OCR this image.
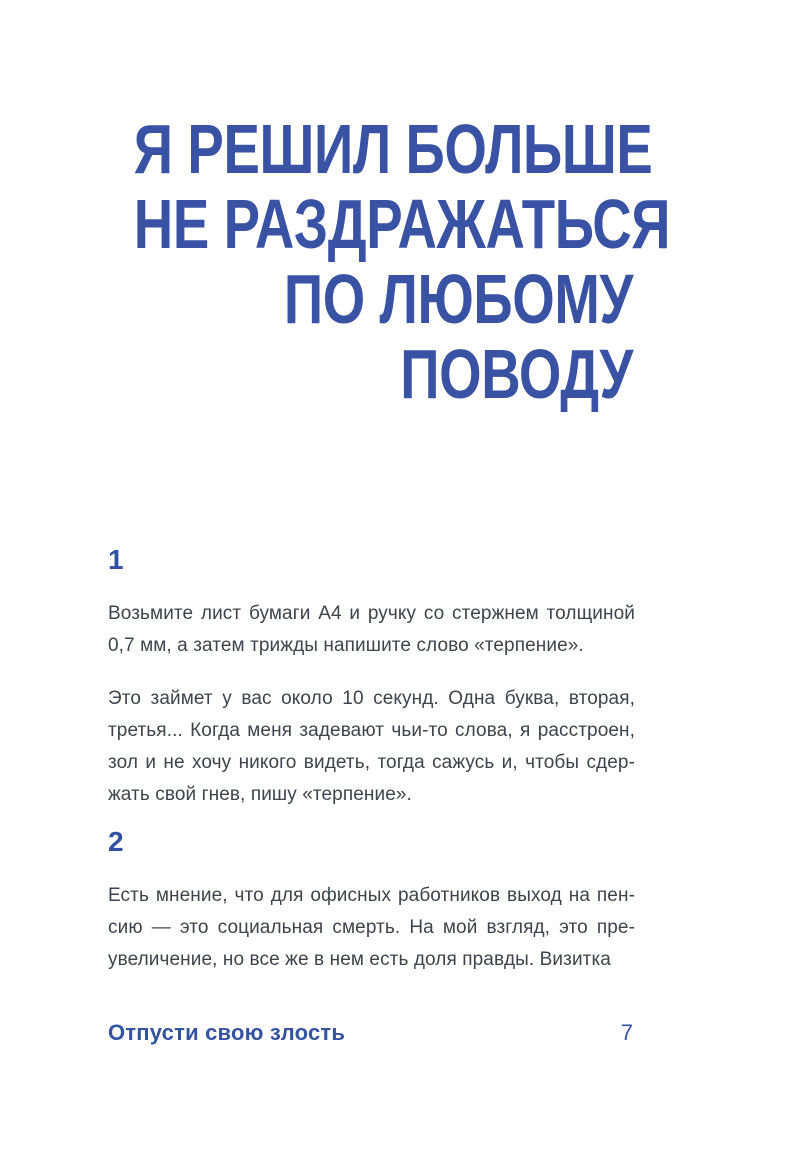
Я РЕШИЛ БОЛЬШЕ
НЕ РАЗДРАЖАТЬСЯ
ПО ЛЮБОМУ
ПОВОДУ
1

Возьмите лист бумаги А4 и ручку со стержнем толщиной
0,7 мм, а затем трижды напишите слово «терпение».

Это займет у вас около 10 секунд. Одна буква, вторая,
третья... Когда меня задевают чьи-то слова, я расстроен,
зол и не хочу никого видеть, тогда сажусь и, чтобы сдер-
жать свой гнев, пишу «терпение».

2

Есть мнение, что для офисных работников выход на пен-
сию — это социальная смерть. На мой взгляд, это пре-
увеличение, но все же в нем есть доля правды. Визитка

Отпусти свою злость	7
